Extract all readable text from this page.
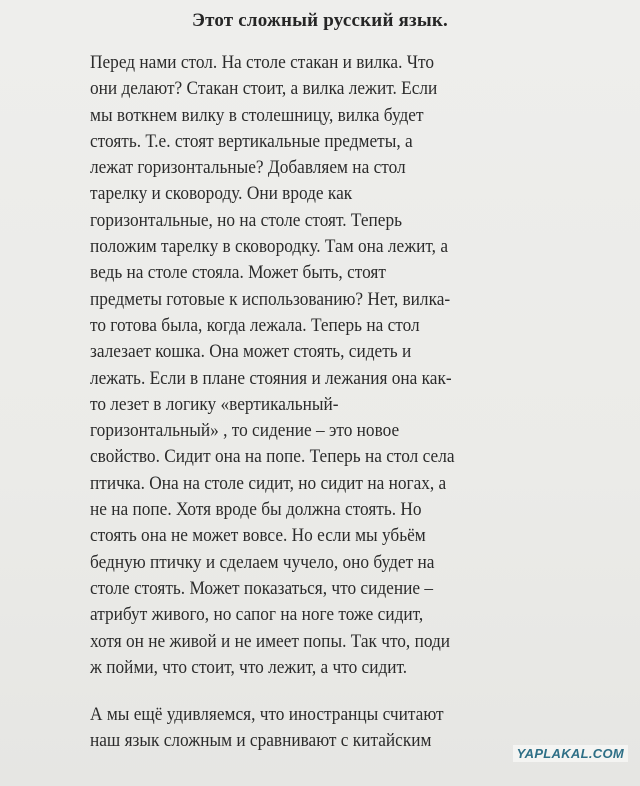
Этот сложный русский язык.
Перед нами стол. На столе стакан и вилка. Что
они делают? Стакан стоит, а вилка лежит. Если
мы воткнем вилку в столешницу, вилка будет
стоять. Т.е. стоят вертикальные предметы, а
лежат горизонтальные? Добавляем на стол
тарелку и сковороду. Они вроде как
горизонтальные, но на столе стоят. Теперь
положим тарелку в сковородку. Там она лежит, а
ведь на столе стояла. Может быть, стоят
предметы готовые к использованию? Нет, вилка-
то готова была, когда лежала. Теперь на стол
залезает кошка. Она может стоять, сидеть и
лежать. Если в плане стояния и лежания она как-
то лезет в логику «вертикальный-
горизонтальный» , то сидение – это новое
свойство. Сидит она на попе. Теперь на стол села
птичка. Она на столе сидит, но сидит на ногах, а
не на попе. Хотя вроде бы должна стоять. Но
стоять она не может вовсе. Но если мы убьём
бедную птичку и сделаем чучело, оно будет на
столе стоять. Может показаться, что сидение –
атрибут живого, но сапог на ноге тоже сидит,
хотя он не живой и не имеет попы. Так что, поди
ж пойми, что стоит, что лежит, а что сидит.
А мы ещё удивляемся, что иностранцы считают
наш язык сложным и сравнивают с китайским
YAPLAKAL.COM
